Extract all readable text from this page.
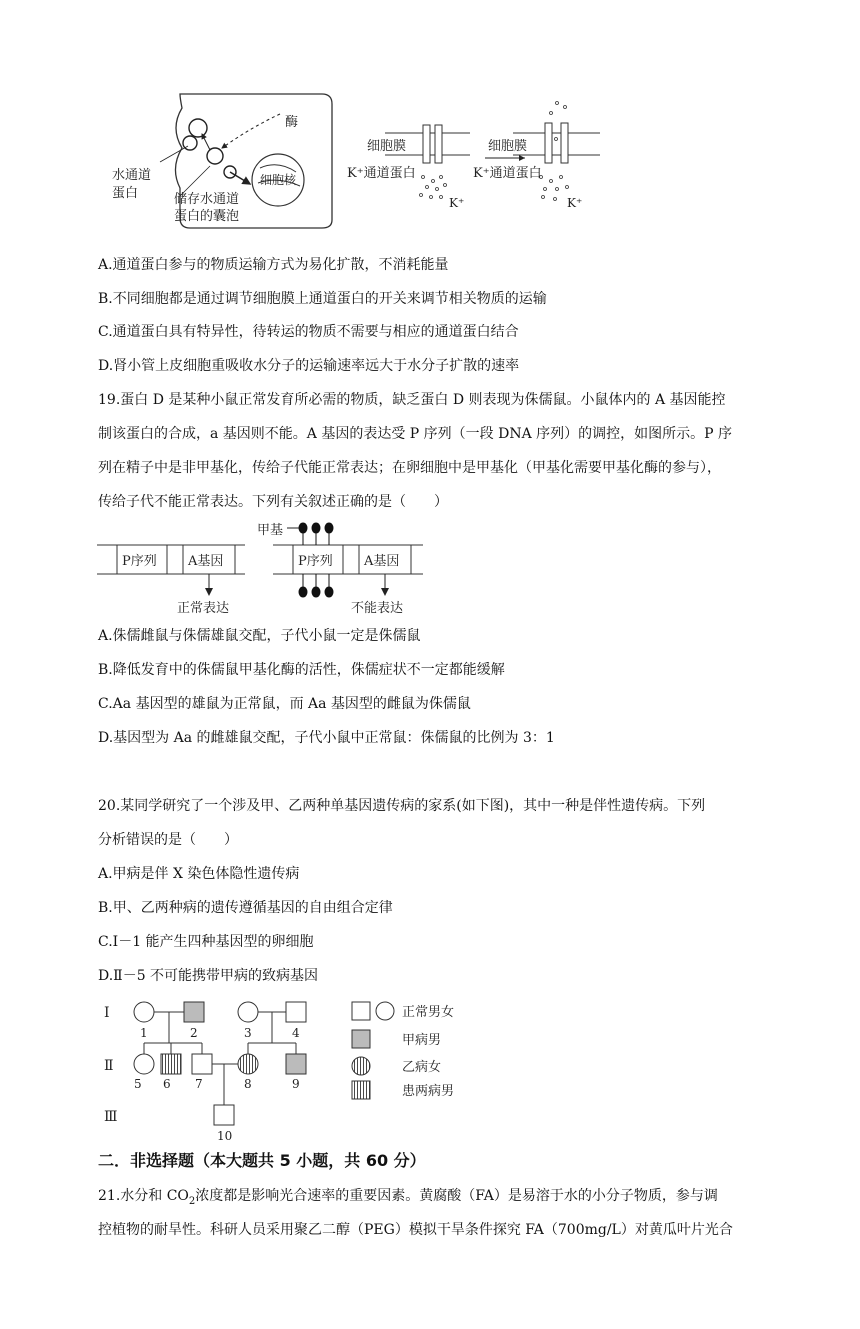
酶
细胞核
水通道
蛋白	储存水通道
蛋白的囊泡
细胞膜
K⁺通道蛋白
K⁺
细胞膜
K⁺通道蛋白
K⁺
A.通道蛋白参与的物质运输方式为易化扩散，不消耗能量
B.不同细胞都是通过调节细胞膜上通道蛋白的开关来调节相关物质的运输
C.通道蛋白具有特异性，待转运的物质不需要与相应的通道蛋白结合
D.肾小管上皮细胞重吸收水分子的运输速率远大于水分子扩散的速率
19.蛋白 D 是某种小鼠正常发育所必需的物质，缺乏蛋白 D 则表现为侏儒鼠。小鼠体内的 A 基因能控
制该蛋白的合成，a 基因则不能。A 基因的表达受 P 序列（一段 DNA 序列）的调控，如图所示。P 序
列在精子中是非甲基化，传给子代能正常表达；在卵细胞中是甲基化（甲基化需要甲基化酶的参与），
传给子代不能正常表达。下列有关叙述正确的是（　　）
P序列 A基因
正常表达
甲基
P序列 A基因
不能表达
A.侏儒雌鼠与侏儒雄鼠交配，子代小鼠一定是侏儒鼠
B.降低发育中的侏儒鼠甲基化酶的活性，侏儒症状不一定都能缓解
C.Aa 基因型的雄鼠为正常鼠，而 Aa 基因型的雌鼠为侏儒鼠
D.基因型为 Aa 的雌雄鼠交配，子代小鼠中正常鼠：侏儒鼠的比例为 3：1
20.某同学研究了一个涉及甲、乙两种单基因遗传病的家系(如下图)，其中一种是伴性遗传病。下列
分析错误的是（　　）
A.甲病是伴 X 染色体隐性遗传病
B.甲、乙两种病的遗传遵循基因的自由组合定律
C.Ⅰ－1 能产生四种基因型的卵细胞
D.Ⅱ－5 不可能携带甲病的致病基因
Ⅰ
Ⅱ
Ⅲ
1	2	3	4
5 6 7	8	9
10
正常男女
甲病男
乙病女
患两病男
二．非选择题（本大题共 5 小题，共 60 分）
21.水分和 $CO_2$浓度都是影响光合速率的重要因素。黄腐酸（FA）是易溶于水的小分子物质，参与调
控植物的耐旱性。科研人员采用聚乙二醇（PEG）模拟干旱条件探究 FA（700mg/L）对黄瓜叶片光合
